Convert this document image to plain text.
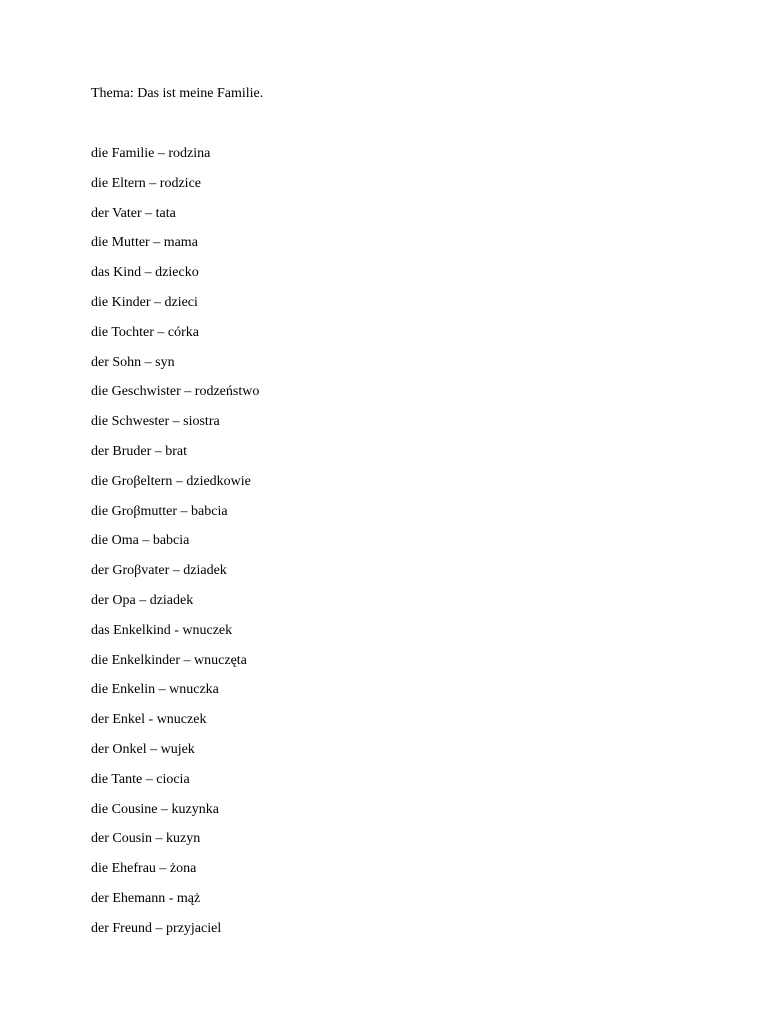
Thema: Das ist meine Familie.
die Familie – rodzina
die Eltern – rodzice
der Vater – tata
die Mutter – mama
das Kind – dziecko
die Kinder – dzieci
die Tochter – córka
der Sohn – syn
die Geschwister – rodzeństwo
die Schwester – siostra
der Bruder – brat
die Groβeltern – dziedkowie
die Groβmutter – babcia
die Oma – babcia
der Groβvater – dziadek
der Opa – dziadek
das Enkelkind - wnuczek
die Enkelkinder – wnuczęta
die Enkelin – wnuczka
der Enkel - wnuczek
der Onkel – wujek
die Tante – ciocia
die Cousine – kuzynka
der Cousin – kuzyn
die Ehefrau – żona
der Ehemann - mąż
der Freund – przyjaciel
